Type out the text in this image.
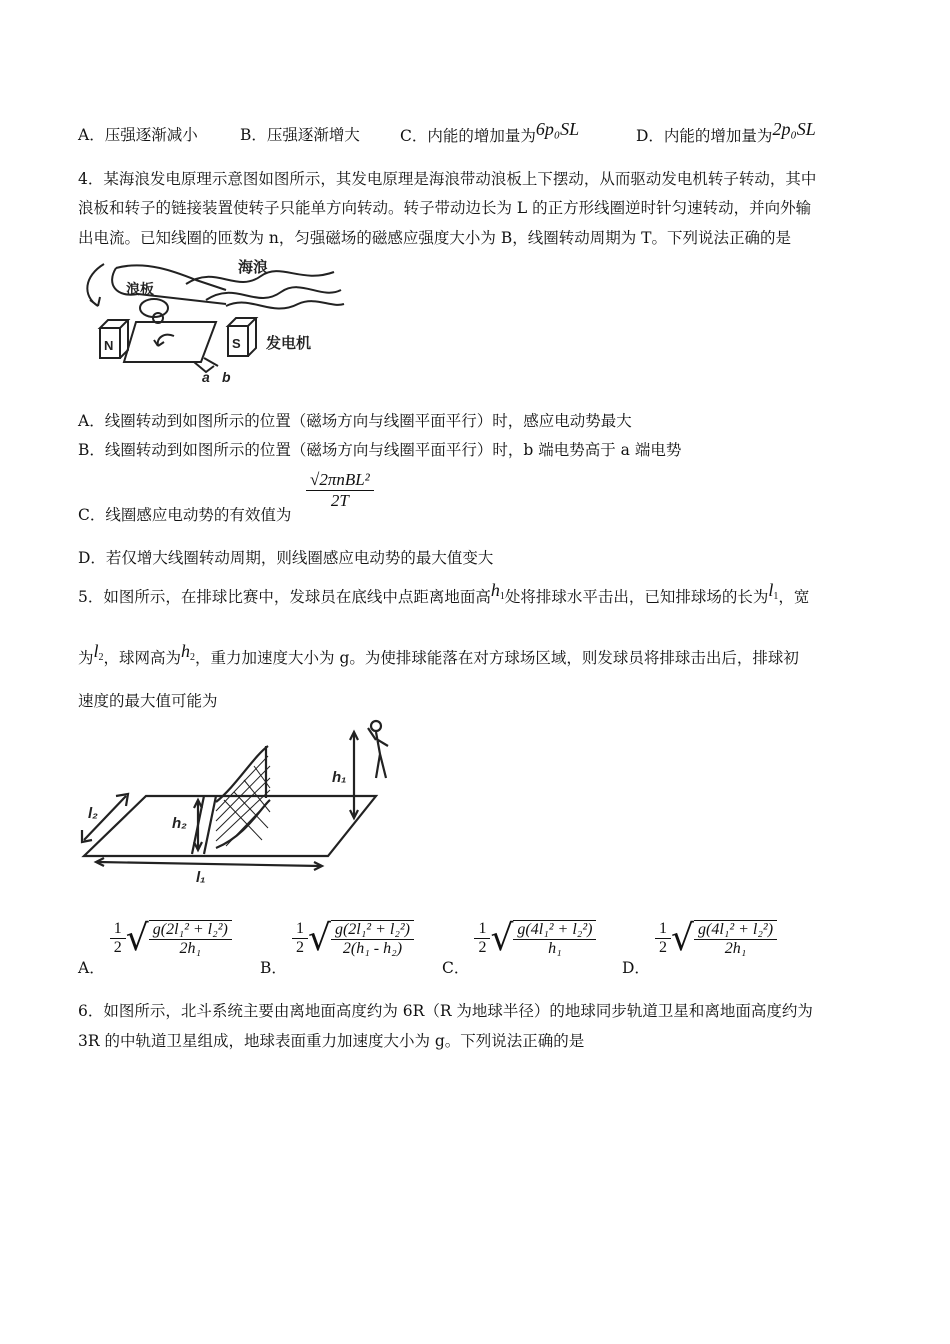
A．压强逐渐减小	B．压强逐渐增大	C．内能的增加量为6p₀SL	D．内能的增加量为2p₀SL
4．某海浪发电原理示意图如图所示，其发电原理是海浪带动浪板上下摆动，从而驱动发电机转子转动，其中
浪板和转子的链接装置使转子只能单方向转动。转子带动边长为 L 的正方形线圈逆时针匀速转动，并向外输
出电流。已知线圈的匝数为 n，匀强磁场的磁感应强度大小为 B，线圈转动周期为 T。下列说法正确的是
N	S
海浪
浪板
发电机
a b
A．线圈转动到如图所示的位置（磁场方向与线圈平面平行）时，感应电动势最大
B．线圈转动到如图所示的位置（磁场方向与线圈平面平行）时，b 端电势高于 a 端电势
C．线圈感应电动势的有效值为
$\frac{\text{√2πnBL²}}{2T}$
D．若仅增大线圈转动周期，则线圈感应电动势的最大值变大
5．如图所示，在排球比赛中，发球员在底线中点距离地面高$h_1$处将排球水平击出，已知排球场的长为$l_1$，宽
为$l_2$，球网高为$h_2$，重力加速度大小为 g。为使排球能落在对方球场区域，则发球员将排球击出后，排球初
速度的最大值可能为
l₂
h₂
h₁
l₁
A．
$\frac{1}{2}$ √ $\frac{\text{g(2l₁² + l₂²)}}{\text{2h₁}}$
B．
$\frac{1}{2}$ √ $\frac{\text{g(2l₁² + l₂²)}}{\text{2(h₁ - h₂)}}$
C．
$\frac{1}{2}$ √ $\frac{\text{g(4l₁² + l₂²)}}{\text{h₁}}$
D．
$\frac{1}{2}$ √ $\frac{\text{g(4l₁² + l₂²)}}{\text{2h₁}}$
6．如图所示，北斗系统主要由离地面高度约为 6R（R 为地球半径）的地球同步轨道卫星和离地面高度约为
3R 的中轨道卫星组成，地球表面重力加速度大小为 g。下列说法正确的是
